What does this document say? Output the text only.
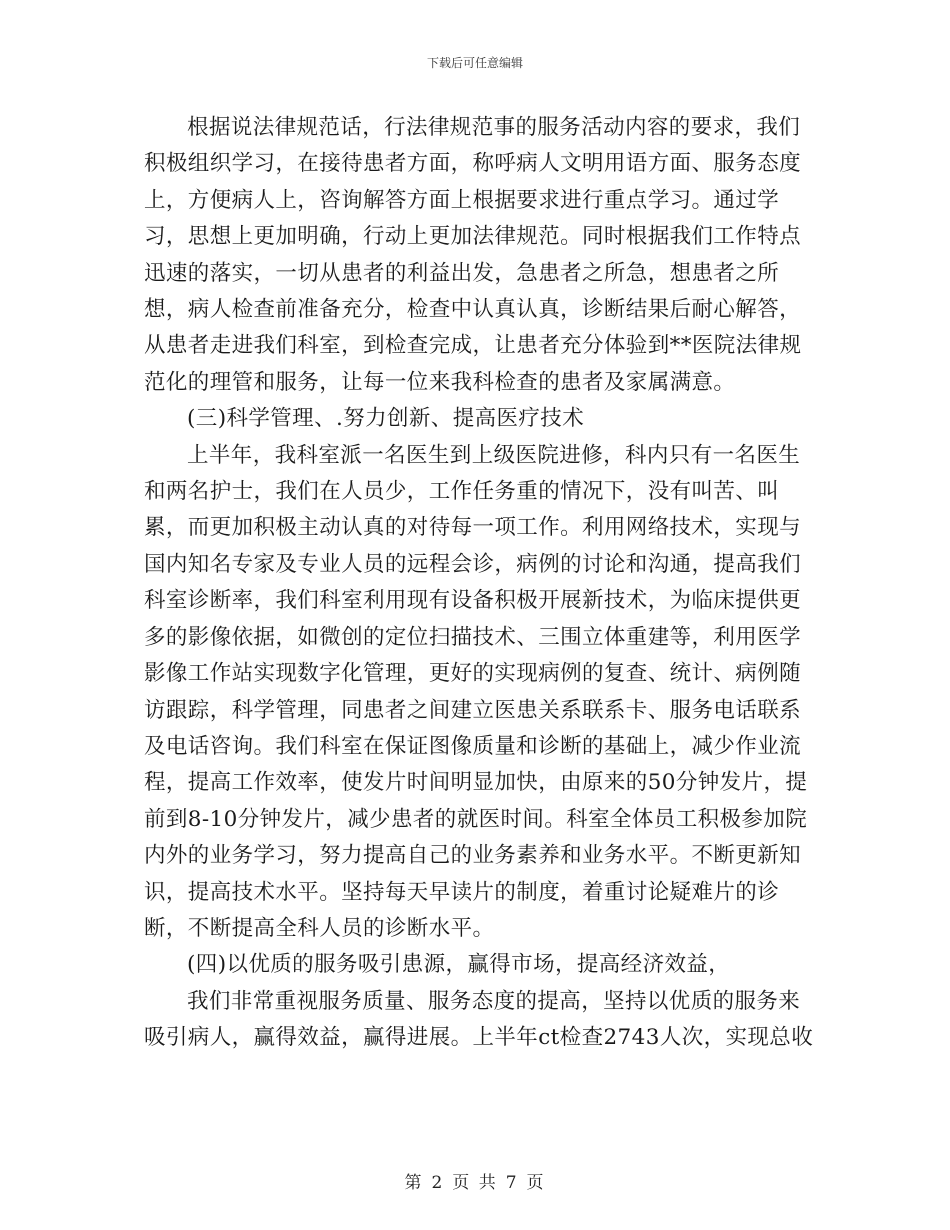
下载后可任意编辑

根据说法律规范话，行法律规范事的服务活动内容的要求，我们积极组织学习，在接待患者方面，称呼病人文明用语方面、服务态度上，方便病人上，咨询解答方面上根据要求进行重点学习。通过学习，思想上更加明确，行动上更加法律规范。同时根据我们工作特点迅速的落实，一切从患者的利益出发，急患者之所急，想患者之所想，病人检查前准备充分，检查中认真认真，诊断结果后耐心解答，从患者走进我们科室，到检查完成，让患者充分体验到**医院法律规范化的理管和服务，让每一位来我科检查的患者及家属满意。

(三)科学管理、.努力创新、提高医疗技术

上半年，我科室派一名医生到上级医院进修，科内只有一名医生和两名护士，我们在人员少，工作任务重的情况下，没有叫苦、叫累，而更加积极主动认真的对待每一项工作。利用网络技术，实现与国内知名专家及专业人员的远程会诊，病例的讨论和沟通，提高我们科室诊断率，我们科室利用现有设备积极开展新技术，为临床提供更多的影像依据，如微创的定位扫描技术、三围立体重建等，利用医学影像工作站实现数字化管理，更好的实现病例的复查、统计、病例随访跟踪，科学管理，同患者之间建立医患关系联系卡、服务电话联系及电话咨询。我们科室在保证图像质量和诊断的基础上，减少作业流程，提高工作效率，使发片时间明显加快，由原来的50分钟发片，提前到8-10分钟发片，减少患者的就医时间。科室全体员工积极参加院内外的业务学习，努力提高自己的业务素养和业务水平。不断更新知识，提高技术水平。坚持每天早读片的制度，着重讨论疑难片的诊断，不断提高全科人员的诊断水平。

(四)以优质的服务吸引患源，赢得市场，提高经济效益，

我们非常重视服务质量、服务态度的提高，坚持以优质的服务来吸引病人，赢得效益，赢得进展。上半年ct检查2743人次，实现总收

第 2 页 共 7 页
